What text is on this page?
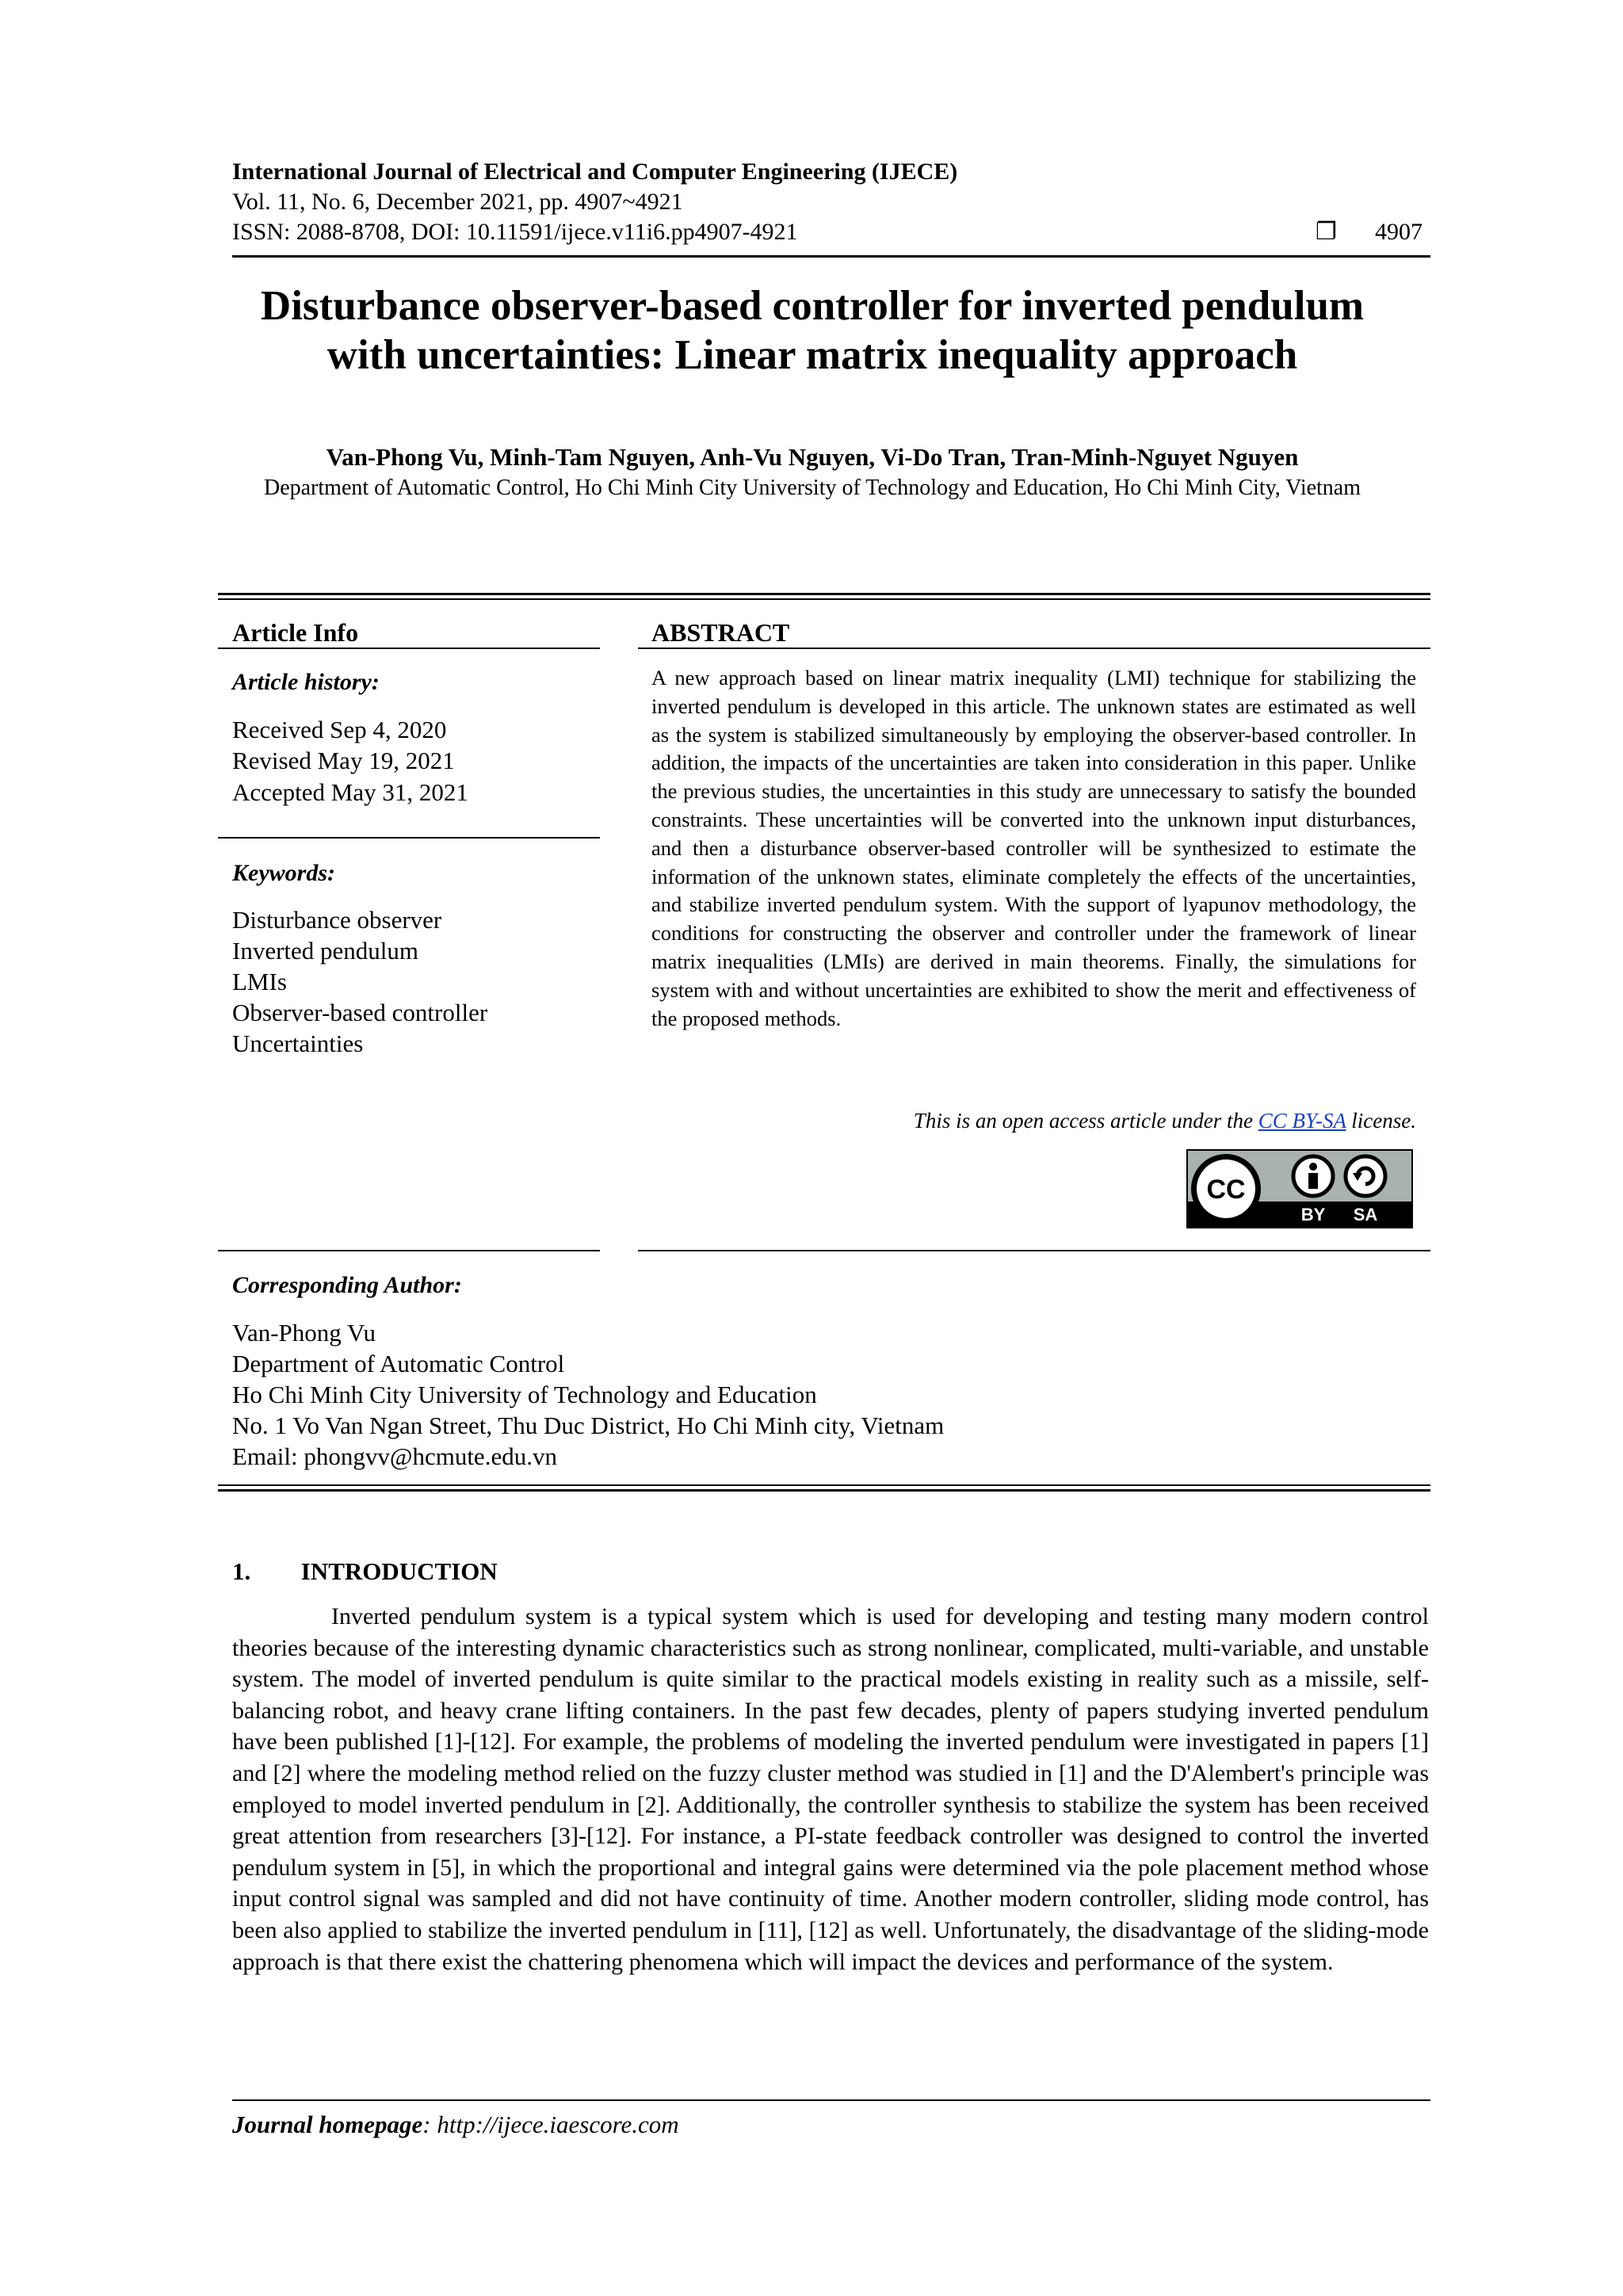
International Journal of Electrical and Computer Engineering (IJECE)
Vol. 11, No. 6, December 2021, pp. 4907~4921
ISSN: 2088-8708, DOI: 10.11591/ijece.v11i6.pp4907-4921	❐ 4907
Disturbance observer-based controller for inverted pendulum
with uncertainties: Linear matrix inequality approach
Van-Phong Vu, Minh-Tam Nguyen, Anh-Vu Nguyen, Vi-Do Tran, Tran-Minh-Nguyet Nguyen
Department of Automatic Control, Ho Chi Minh City University of Technology and Education, Ho Chi Minh City, Vietnam
Article Info
Article history:
Received Sep 4, 2020
Revised May 19, 2021
Accepted May 31, 2021
Keywords:
Disturbance observer
Inverted pendulum
LMIs
Observer-based controller
Uncertainties
ABSTRACT
A new approach based on linear matrix inequality (LMI) technique for stabilizing the inverted pendulum is developed in this article. The unknown states are estimated as well as the system is stabilized simultaneously by employing the observer-based controller. In addition, the impacts of the uncertainties are taken into consideration in this paper. Unlike the previous studies, the uncertainties in this study are unnecessary to satisfy the bounded constraints. These uncertainties will be converted into the unknown input disturbances, and then a disturbance observer-based controller will be synthesized to estimate the information of the unknown states, eliminate completely the effects of the uncertainties, and stabilize inverted pendulum system. With the support of lyapunov methodology, the conditions for constructing the observer and controller under the framework of linear matrix inequalities (LMIs) are derived in main theorems. Finally, the simulations for system with and without uncertainties are exhibited to show the merit and effectiveness of the proposed methods.
This is an open access article under the CC BY-SA license.
CC
BY SA
Corresponding Author:
Van-Phong Vu
Department of Automatic Control
Ho Chi Minh City University of Technology and Education
No. 1 Vo Van Ngan Street, Thu Duc District, Ho Chi Minh city, Vietnam
Email: phongvv@hcmute.edu.vn
1. INTRODUCTION
Inverted pendulum system is a typical system which is used for developing and testing many modern control theories because of the interesting dynamic characteristics such as strong nonlinear, complicated, multi-variable, and unstable system. The model of inverted pendulum is quite similar to the practical models existing in reality such as a missile, self-balancing robot, and heavy crane lifting containers. In the past few decades, plenty of papers studying inverted pendulum have been published [1]-[12]. For example, the problems of modeling the inverted pendulum were investigated in papers [1] and [2] where the modeling method relied on the fuzzy cluster method was studied in [1] and the D'Alembert's principle was employed to model inverted pendulum in [2]. Additionally, the controller synthesis to stabilize the system has been received great attention from researchers [3]-[12]. For instance, a PI-state feedback controller was designed to control the inverted pendulum system in [5], in which the proportional and integral gains were determined via the pole placement method whose input control signal was sampled and did not have continuity of time. Another modern controller, sliding mode control, has been also applied to stabilize the inverted pendulum in [11], [12] as well. Unfortunately, the disadvantage of the sliding-mode approach is that there exist the chattering phenomena which will impact the devices and performance of the system.
Journal homepage: http://ijece.iaescore.com
